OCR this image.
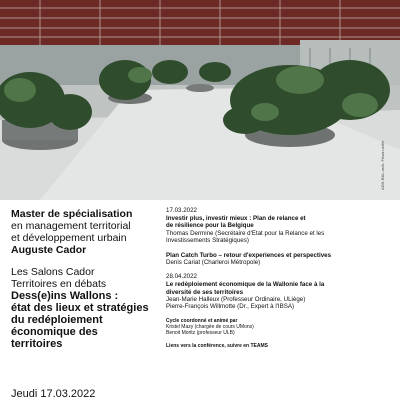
ADH-RAL arch. Frison-nelle
Master de spécialisation
en management territorial
et développement urbain
Auguste Cador
Les Salons Cador
Territoires en débats
Dess(e)ins Wallons :
état des lieux et stratégies
du redéploiement
économique des
territoires
Jeudi 17.03.2022
17.03.2022
Investir plus, investir mieux : Plan de relance et
de résilience pour la Belgique
Thomas Dermine (Secrétaire d'Etat pour la Relance et les
Investissements Stratégiques)
Plan Catch Turbo – retour d'experiences et perspectives
Denis Cariat (Charleroi Métropole)
28.04.2022
Le redéploiement économique de la Wallonie face à la
diversité de ses territoires
Jean-Marie Halleux (Professeur Ordinaire, ULiège)
Pierre-François Willmotte (Dr., Expert à l'IBSA)
Cycle coordonné et animé par
Kristel Mazy (chargée de cours UMons)
Benoit Moritz (professeur ULB)
Liens vers la conférence, suivre en TEAMS
